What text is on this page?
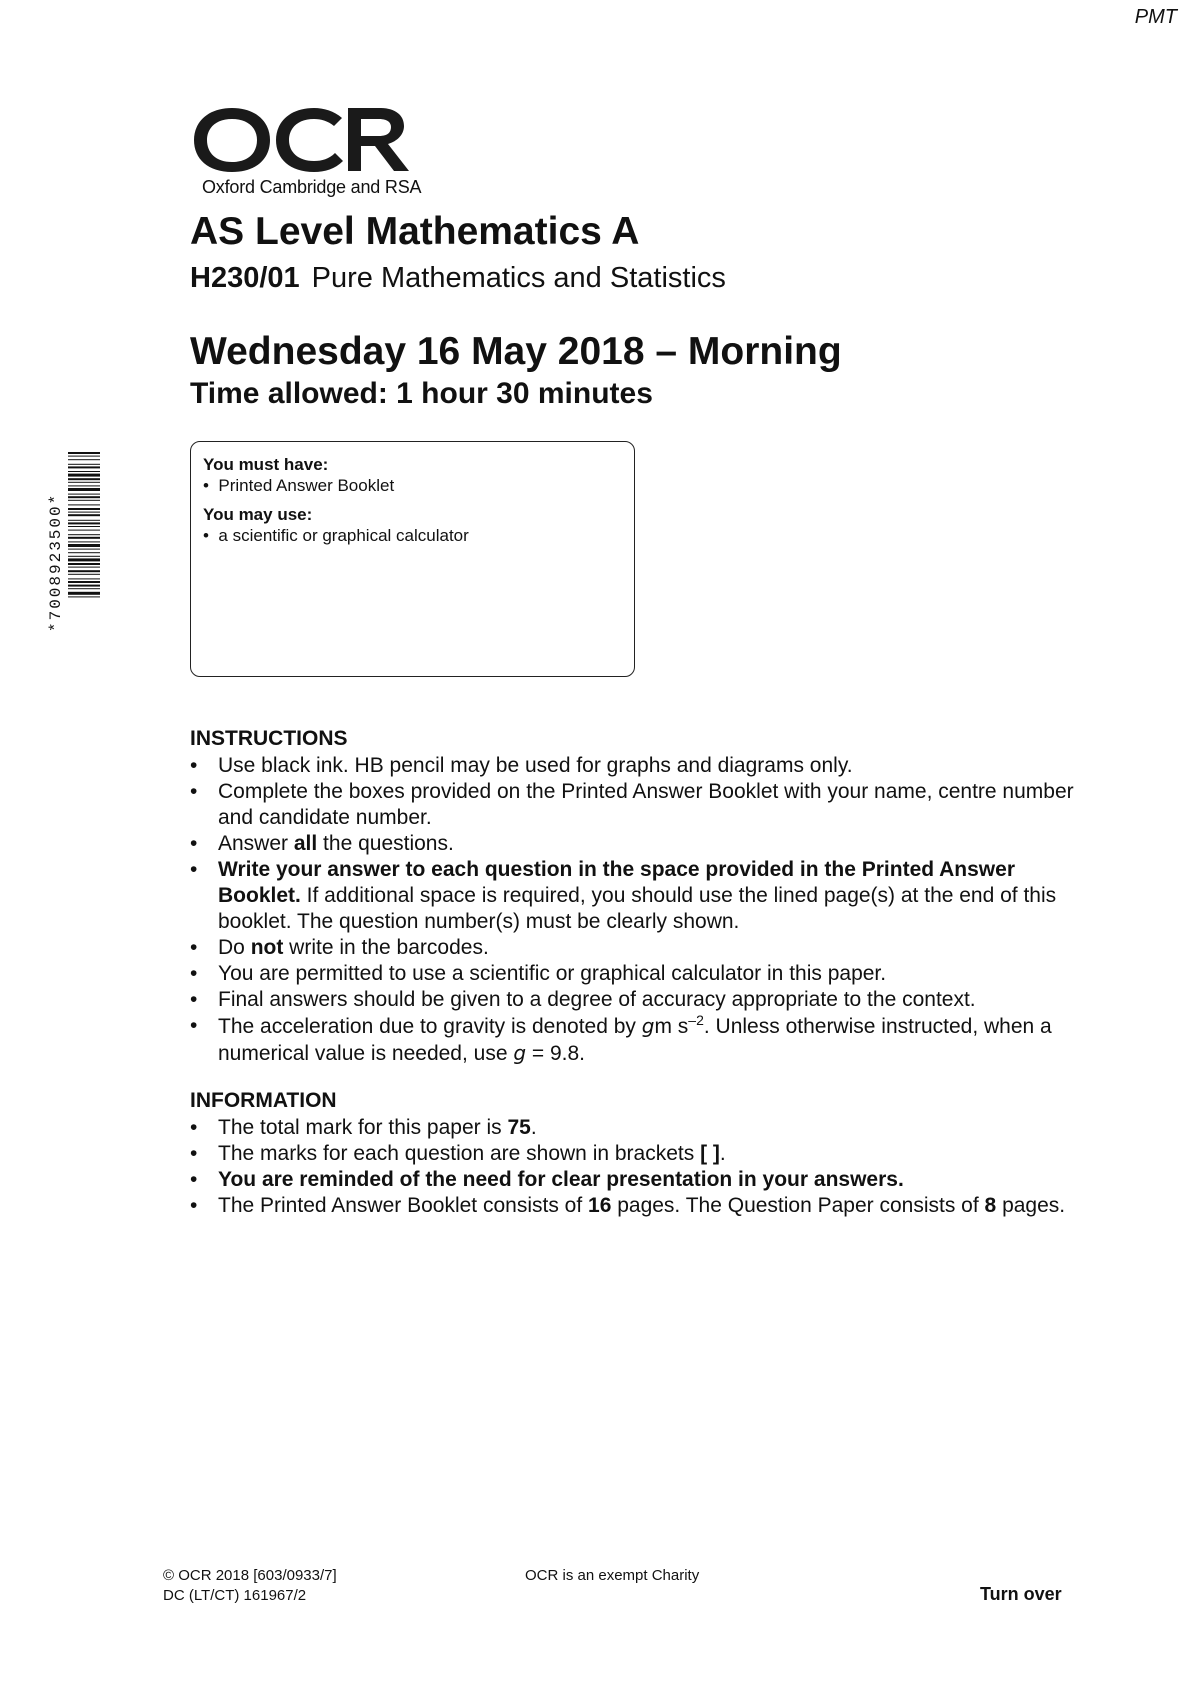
PMT
Oxford Cambridge and RSA
AS Level Mathematics A
H230/01 Pure Mathematics and Statistics
Wednesday 16 May 2018 – Morning
Time allowed: 1 hour 30 minutes
*7008923500*

You must have:

•  Printed Answer Booklet

You may use:

•  a scientific or graphical calculator

INSTRUCTIONS

• Use black ink. HB pencil may be used for graphs and diagrams only.
• Complete the boxes provided on the Printed Answer Booklet with your name, centre number and candidate number.
• Answer all the questions.
• Write your answer to each question in the space provided in the Printed Answer Booklet. If additional space is required, you should use the lined page(s) at the end of this booklet. The question number(s) must be clearly shown.
• Do not write in the barcodes.
• You are permitted to use a scientific or graphical calculator in this paper.
• Final answers should be given to a degree of accuracy appropriate to the context.
• The acceleration due to gravity is denoted by gm $s^{-2}$. Unless otherwise instructed, when a numerical value is needed, use g = 9.8.

INFORMATION

• The total mark for this paper is 75.
• The marks for each question are shown in brackets [ ].
• You are reminded of the need for clear presentation in your answers.
• The Printed Answer Booklet consists of 16 pages. The Question Paper consists of 8 pages.
© OCR 2018 [603/0933/7]
DC (LT/CT) 161967/2
OCR is an exempt Charity
Turn over
